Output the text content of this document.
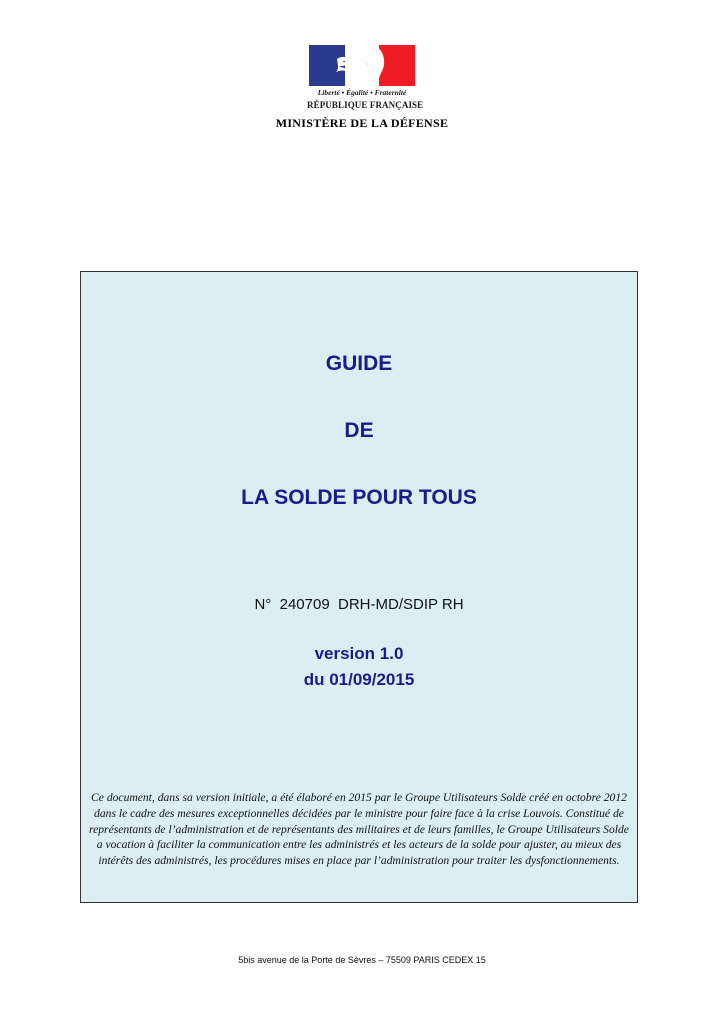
Liberté • Égalité • Fraternité
RÉPUBLIQUE FRANÇAISE
MINISTÈRE DE LA DÉFENSE
GUIDE
DE
LA SOLDE POUR TOUS
N°  240709  DRH-MD/SDIP RH
version 1.0
du 01/09/2015
Ce document, dans sa version initiale, a été élaboré en 2015 par le Groupe Utilisateurs Solde créé en octobre 2012 dans le cadre des mesures exceptionnelles décidées par le ministre pour faire face à la crise Louvois. Constitué de représentants de l’administration et de représentants des militaires et de leurs familles, le Groupe Utilisateurs Solde a vocation à faciliter la communication entre les administrés et les acteurs de la solde pour ajuster, au mieux des intérêts des administrés, les procédures mises en place par l’administration pour traiter les dysfonctionnements.
5bis avenue de la Porte de Sèvres – 75509 PARIS CEDEX 15
